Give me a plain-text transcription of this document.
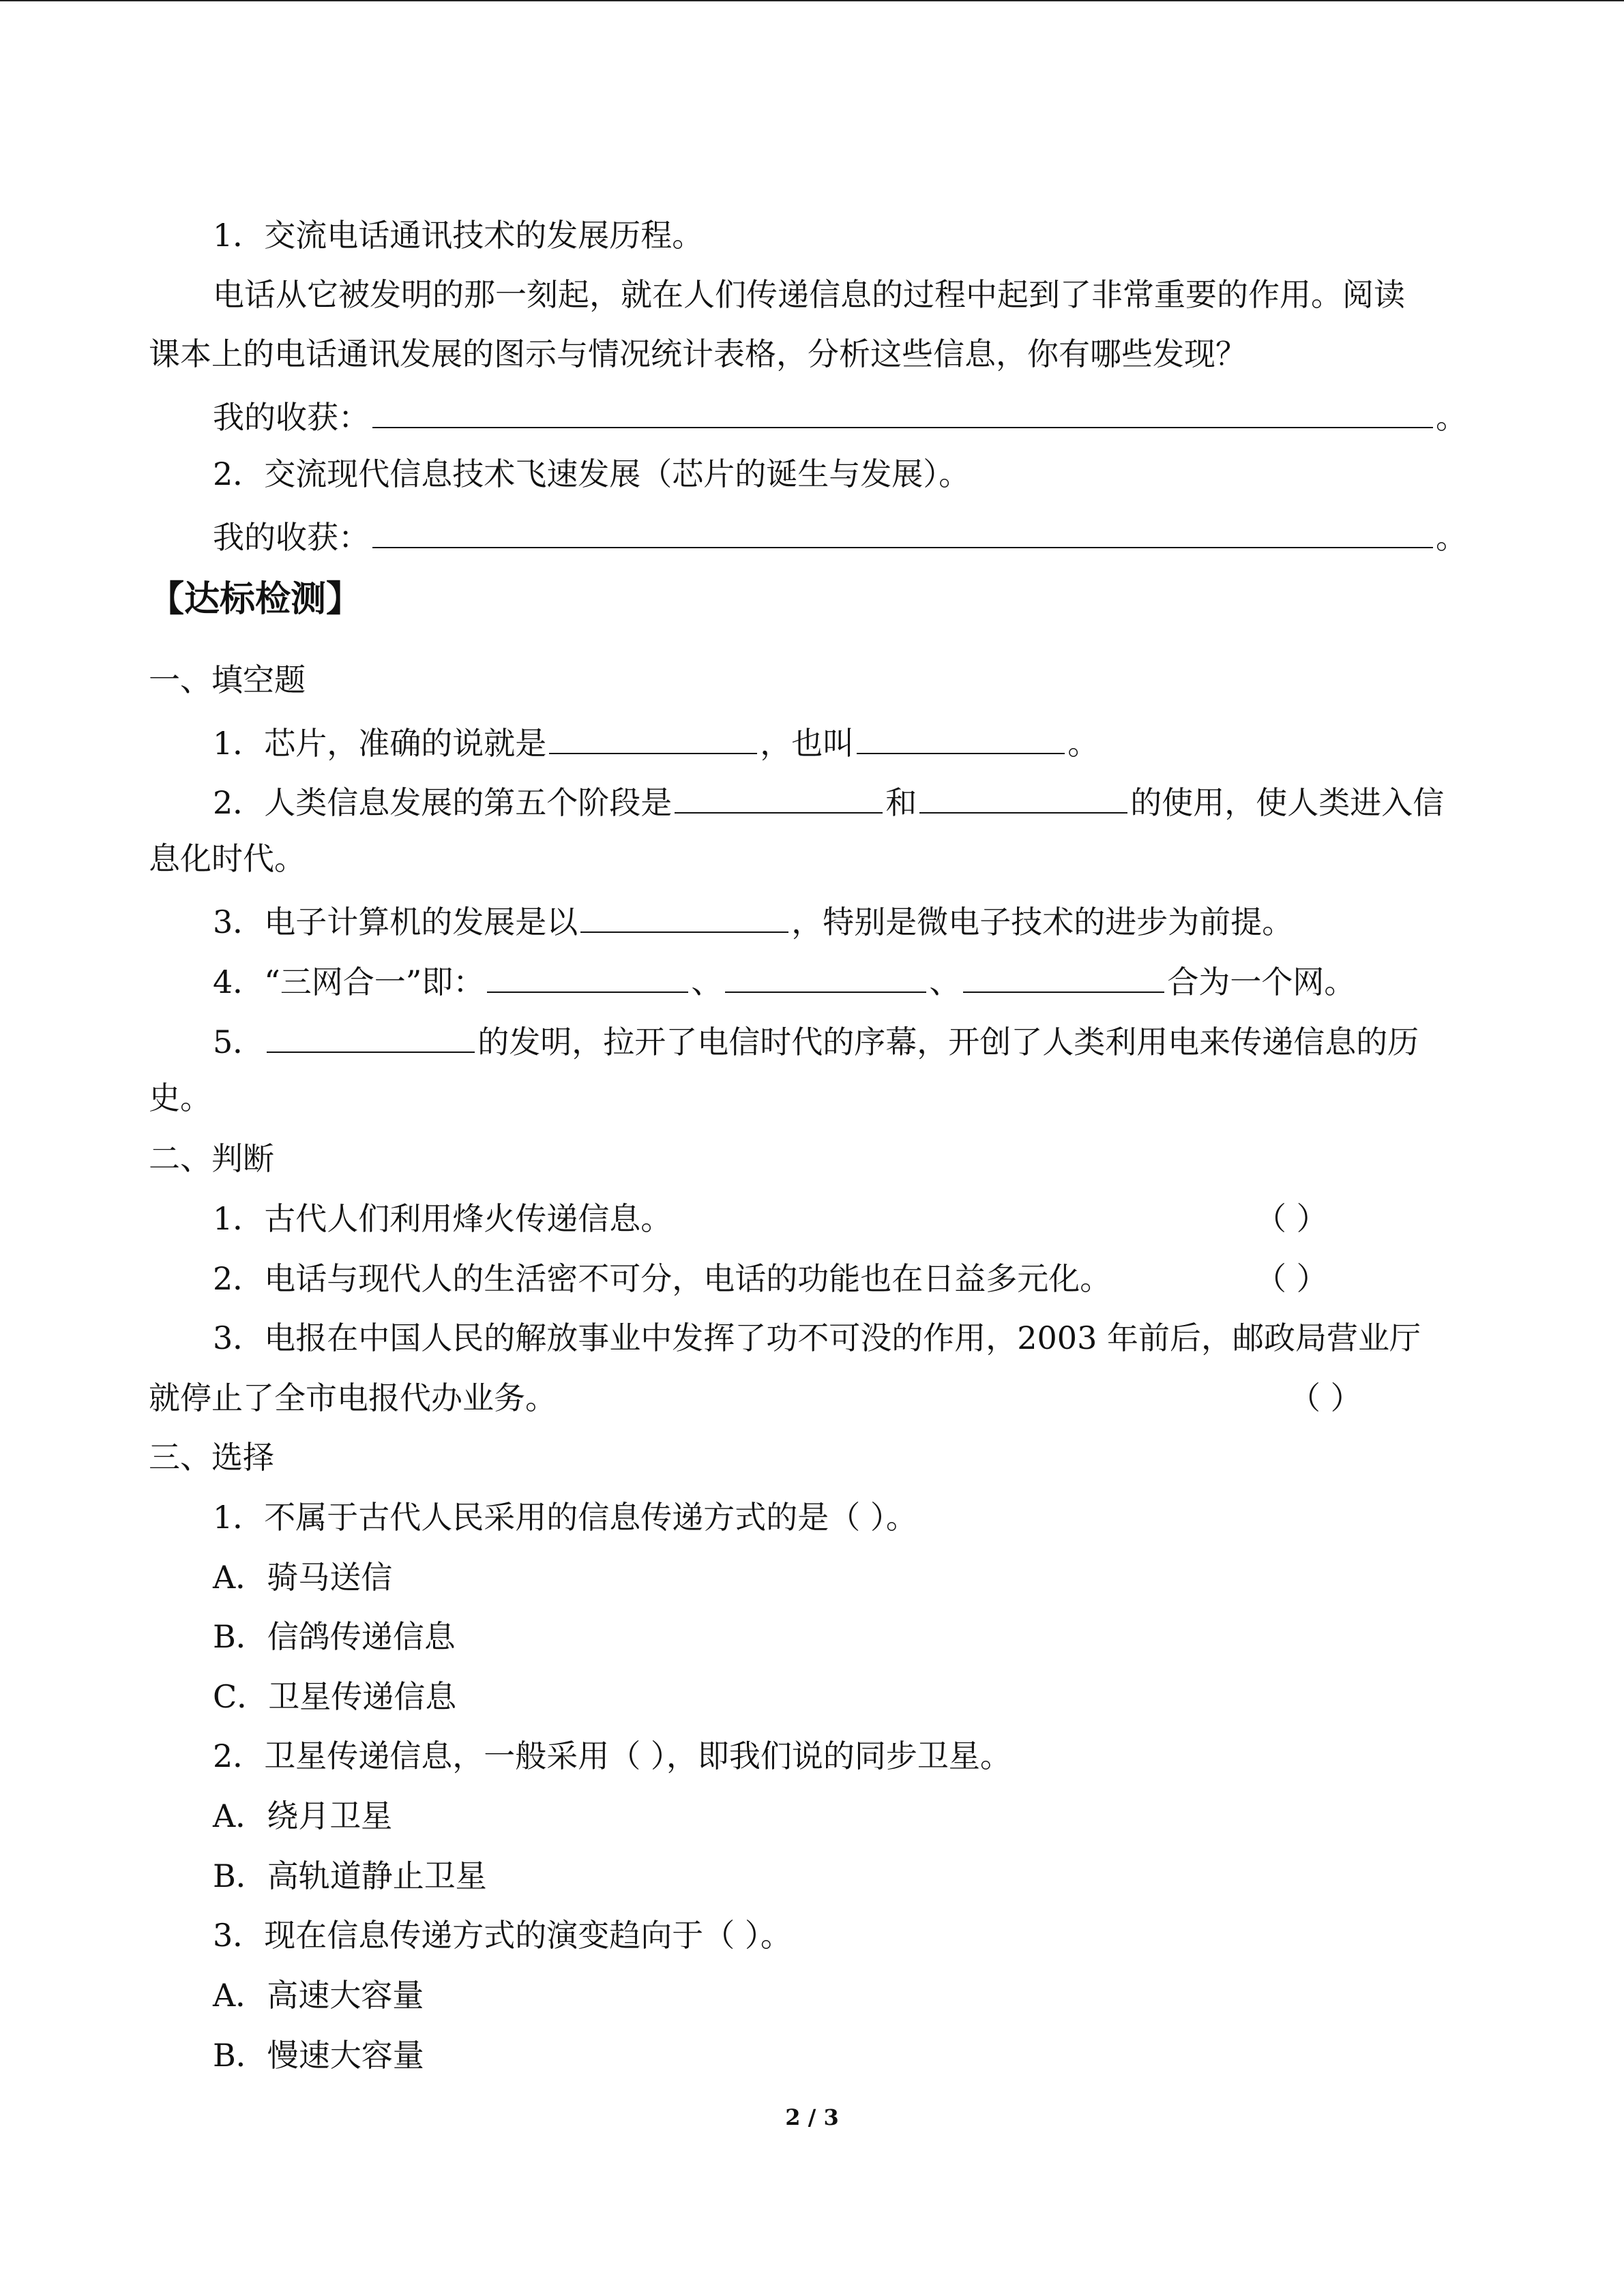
1．交流电话通讯技术的发展历程。
电话从它被发明的那一刻起，就在人们传递信息的过程中起到了非常重要的作用。阅读
课本上的电话通讯发展的图示与情况统计表格，分析这些信息，你有哪些发现？
我的收获：	。
2．交流现代信息技术飞速发展（芯片的诞生与发展）。
我的收获：	。
【达标检测】
一、填空题
1．芯片，准确的说就是	，也叫	。
2．人类信息发展的第五个阶段是	和	的使用，使人类进入信
息化时代。
3．电子计算机的发展是以	，特别是微电子技术的进步为前提。
4．“三网合一”即：	、	、	合为一个网。
5．	的发明，拉开了电信时代的序幕，开创了人类利用电来传递信息的历
史。
二、判断
1．古代人们利用烽火传递信息。	（ ）
2．电话与现代人的生活密不可分，电话的功能也在日益多元化。	（ ）
3．电报在中国人民的解放事业中发挥了功不可没的作用，2003 年前后，邮政局营业厅
就停止了全市电报代办业务。	（ ）
三、选择
1．不属于古代人民采用的信息传递方式的是（ ）。
A．骑马送信
B．信鸽传递信息
C．卫星传递信息
2．卫星传递信息，一般采用（ ），即我们说的同步卫星。
A．绕月卫星
B．高轨道静止卫星
3．现在信息传递方式的演变趋向于（ ）。
A．高速大容量
B．慢速大容量
2 / 3
